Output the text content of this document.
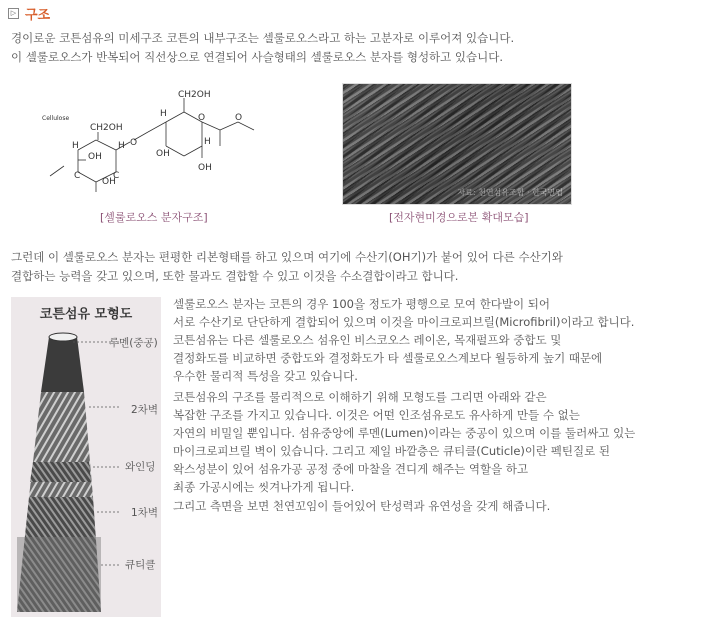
▷ 구조
경이로운 코튼섬유의 미세구조 코튼의 내부구조는 셀룰로오스라고 하는 고분자로 이루어져 있습니다.
이 셀룰로오스가 반복되어 직선상으로 연결되어 사슬형태의 셀룰로오스 분자를 형성하고 있습니다.
Cellulose
CH2OH
CH2OH
OH
OH
OH
OH
H	H
H
H
C	C
O
O	O
[셀룰로오스 분자구조]
자료: 천연섬유조합 · 한국면업
[전자현미경으로본 확대모습]
그런데 이 셀룰로오스 분자는 편평한 리본형태를 하고 있으며 여기에 수산기(OH기)가 붙어 있어 다른 수산기와
결합하는 능력을 갖고 있으며, 또한 물과도 결합할 수 있고 이것을 수소결합이라고 합니다.
코튼섬유 모형도
루멘(중공)
2차벽
와인딩
1차벽
큐티클
셀룰로오스 분자는 코튼의 경우 100을 정도가 평행으로 모여 한다발이 되어
서로 수산기로 단단하게 결합되어 있으며 이것을 마이크로피브릴(Microfibril)이라고 합니다.
코튼섬유는 다른 셀룰로오스 섬유인 비스코오스 레이온, 목재펄프와 중합도 및
결정화도를 비교하면 중합도와 결정화도가 타 셀룰로오스계보다 월등하게 높기 때문에
우수한 물리적 특성을 갖고 있습니다.
코튼섬유의 구조를 물리적으로 이해하기 위해 모형도를 그리면 아래와 같은
복잡한 구조를 가지고 있습니다. 이것은 어떤 인조섬유로도 유사하게 만들 수 없는
자연의 비밀일 뿐입니다. 섬유중앙에 루멘(Lumen)이라는 중공이 있으며 이를 둘러싸고 있는
마이크로피브릴 벽이 있습니다. 그리고 제일 바깥층은 큐티클(Cuticle)이란 펙틴질로 된
왁스성분이 있어 섬유가공 공정 중에 마찰을 견디게 해주는 역할을 하고
최종 가공시에는 씻겨나가게 됩니다.
그리고 측면을 보면 천연꼬임이 들어있어 탄성력과 유연성을 갖게 해줍니다.
